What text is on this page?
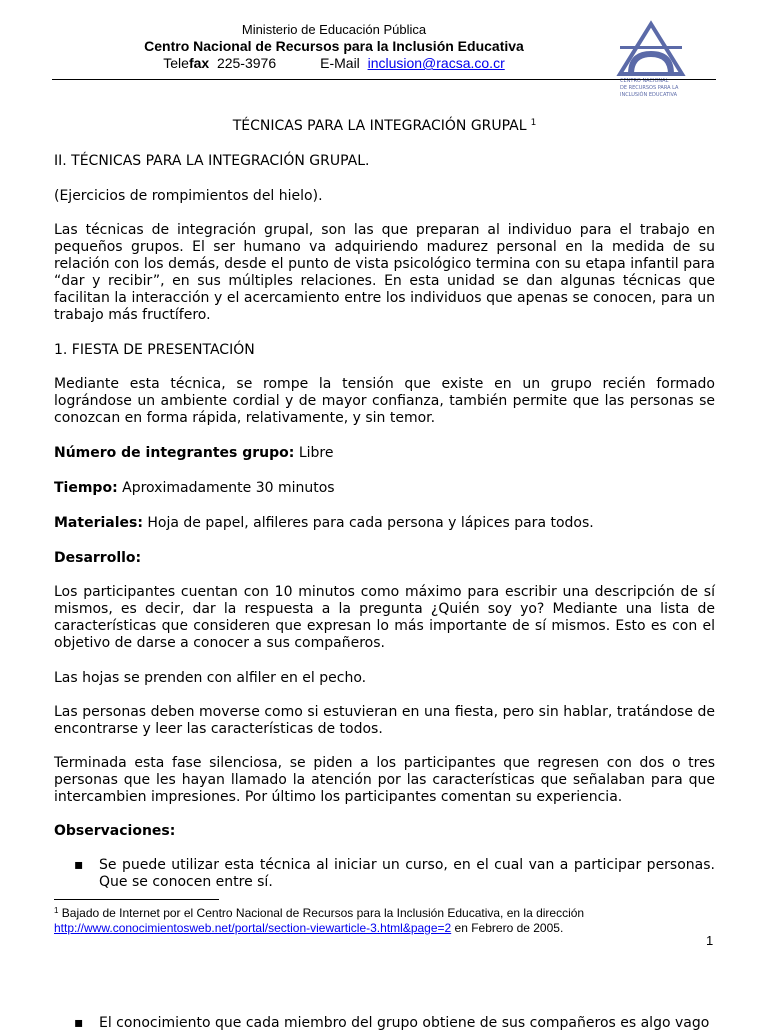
Ministerio de Educación Pública
Centro Nacional de Recursos para la Inclusión Educativa
Telefax 225-3976	E-Mail inclusion@racsa.co.cr
CENTRO NACIONAL
DE RECURSOS PARA LA
INCLUSIÓN EDUCATIVA

TÉCNICAS PARA LA INTEGRACIÓN GRUPAL $^1$

II. TÉCNICAS PARA LA INTEGRACIÓN GRUPAL.

(Ejercicios de rompimientos del hielo).

Las técnicas de integración grupal, son las que preparan al individuo para el trabajo en pequeños grupos. El ser humano va adquiriendo madurez personal en la medida de su relación con los demás, desde el punto de vista psicológico termina con su etapa infantil para “dar y recibir”, en sus múltiples relaciones. En esta unidad se dan algunas técnicas que facilitan la interacción y el acercamiento entre los individuos que apenas se conocen, para un trabajo más fructífero.

1. FIESTA DE PRESENTACIÓN

Mediante esta técnica, se rompe la tensión que existe en un grupo recién formado lográndose un ambiente cordial y de mayor confianza, también permite que las personas se conozcan en forma rápida, relativamente, y sin temor.

Número de integrantes grupo: Libre

Tiempo: Aproximadamente 30 minutos

Materiales: Hoja de papel, alfileres para cada persona y lápices para todos.

Desarrollo:

Los participantes cuentan con 10 minutos como máximo para escribir una descripción de sí mismos, es decir, dar la respuesta a la pregunta ¿Quién soy yo? Mediante una lista de características que consideren que expresan lo más importante de sí mismos. Esto es con el objetivo de darse a conocer a sus compañeros.

Las hojas se prenden con alfiler en el pecho.

Las personas deben moverse como si estuvieran en una fiesta, pero sin hablar, tratándose de encontrarse y leer las características de todos.

Terminada esta fase silenciosa, se piden a los participantes que regresen con dos o tres personas que les hayan llamado la atención por las características que señalaban para que intercambien impresiones. Por último los participantes comentan su experiencia.

Observaciones:

▪ Se puede utilizar esta técnica al iniciar un curso, en el cual van a participar personas. Que se conocen entre sí.

$^1$ Bajado de Internet por el Centro Nacional de Recursos para la Inclusión Educativa, en la dirección
http://www.conocimientosweb.net/portal/section-viewarticle-3.html&page=2 en Febrero de 2005.
1
▪ El conocimiento que cada miembro del grupo obtiene de sus compañeros es algo vago
